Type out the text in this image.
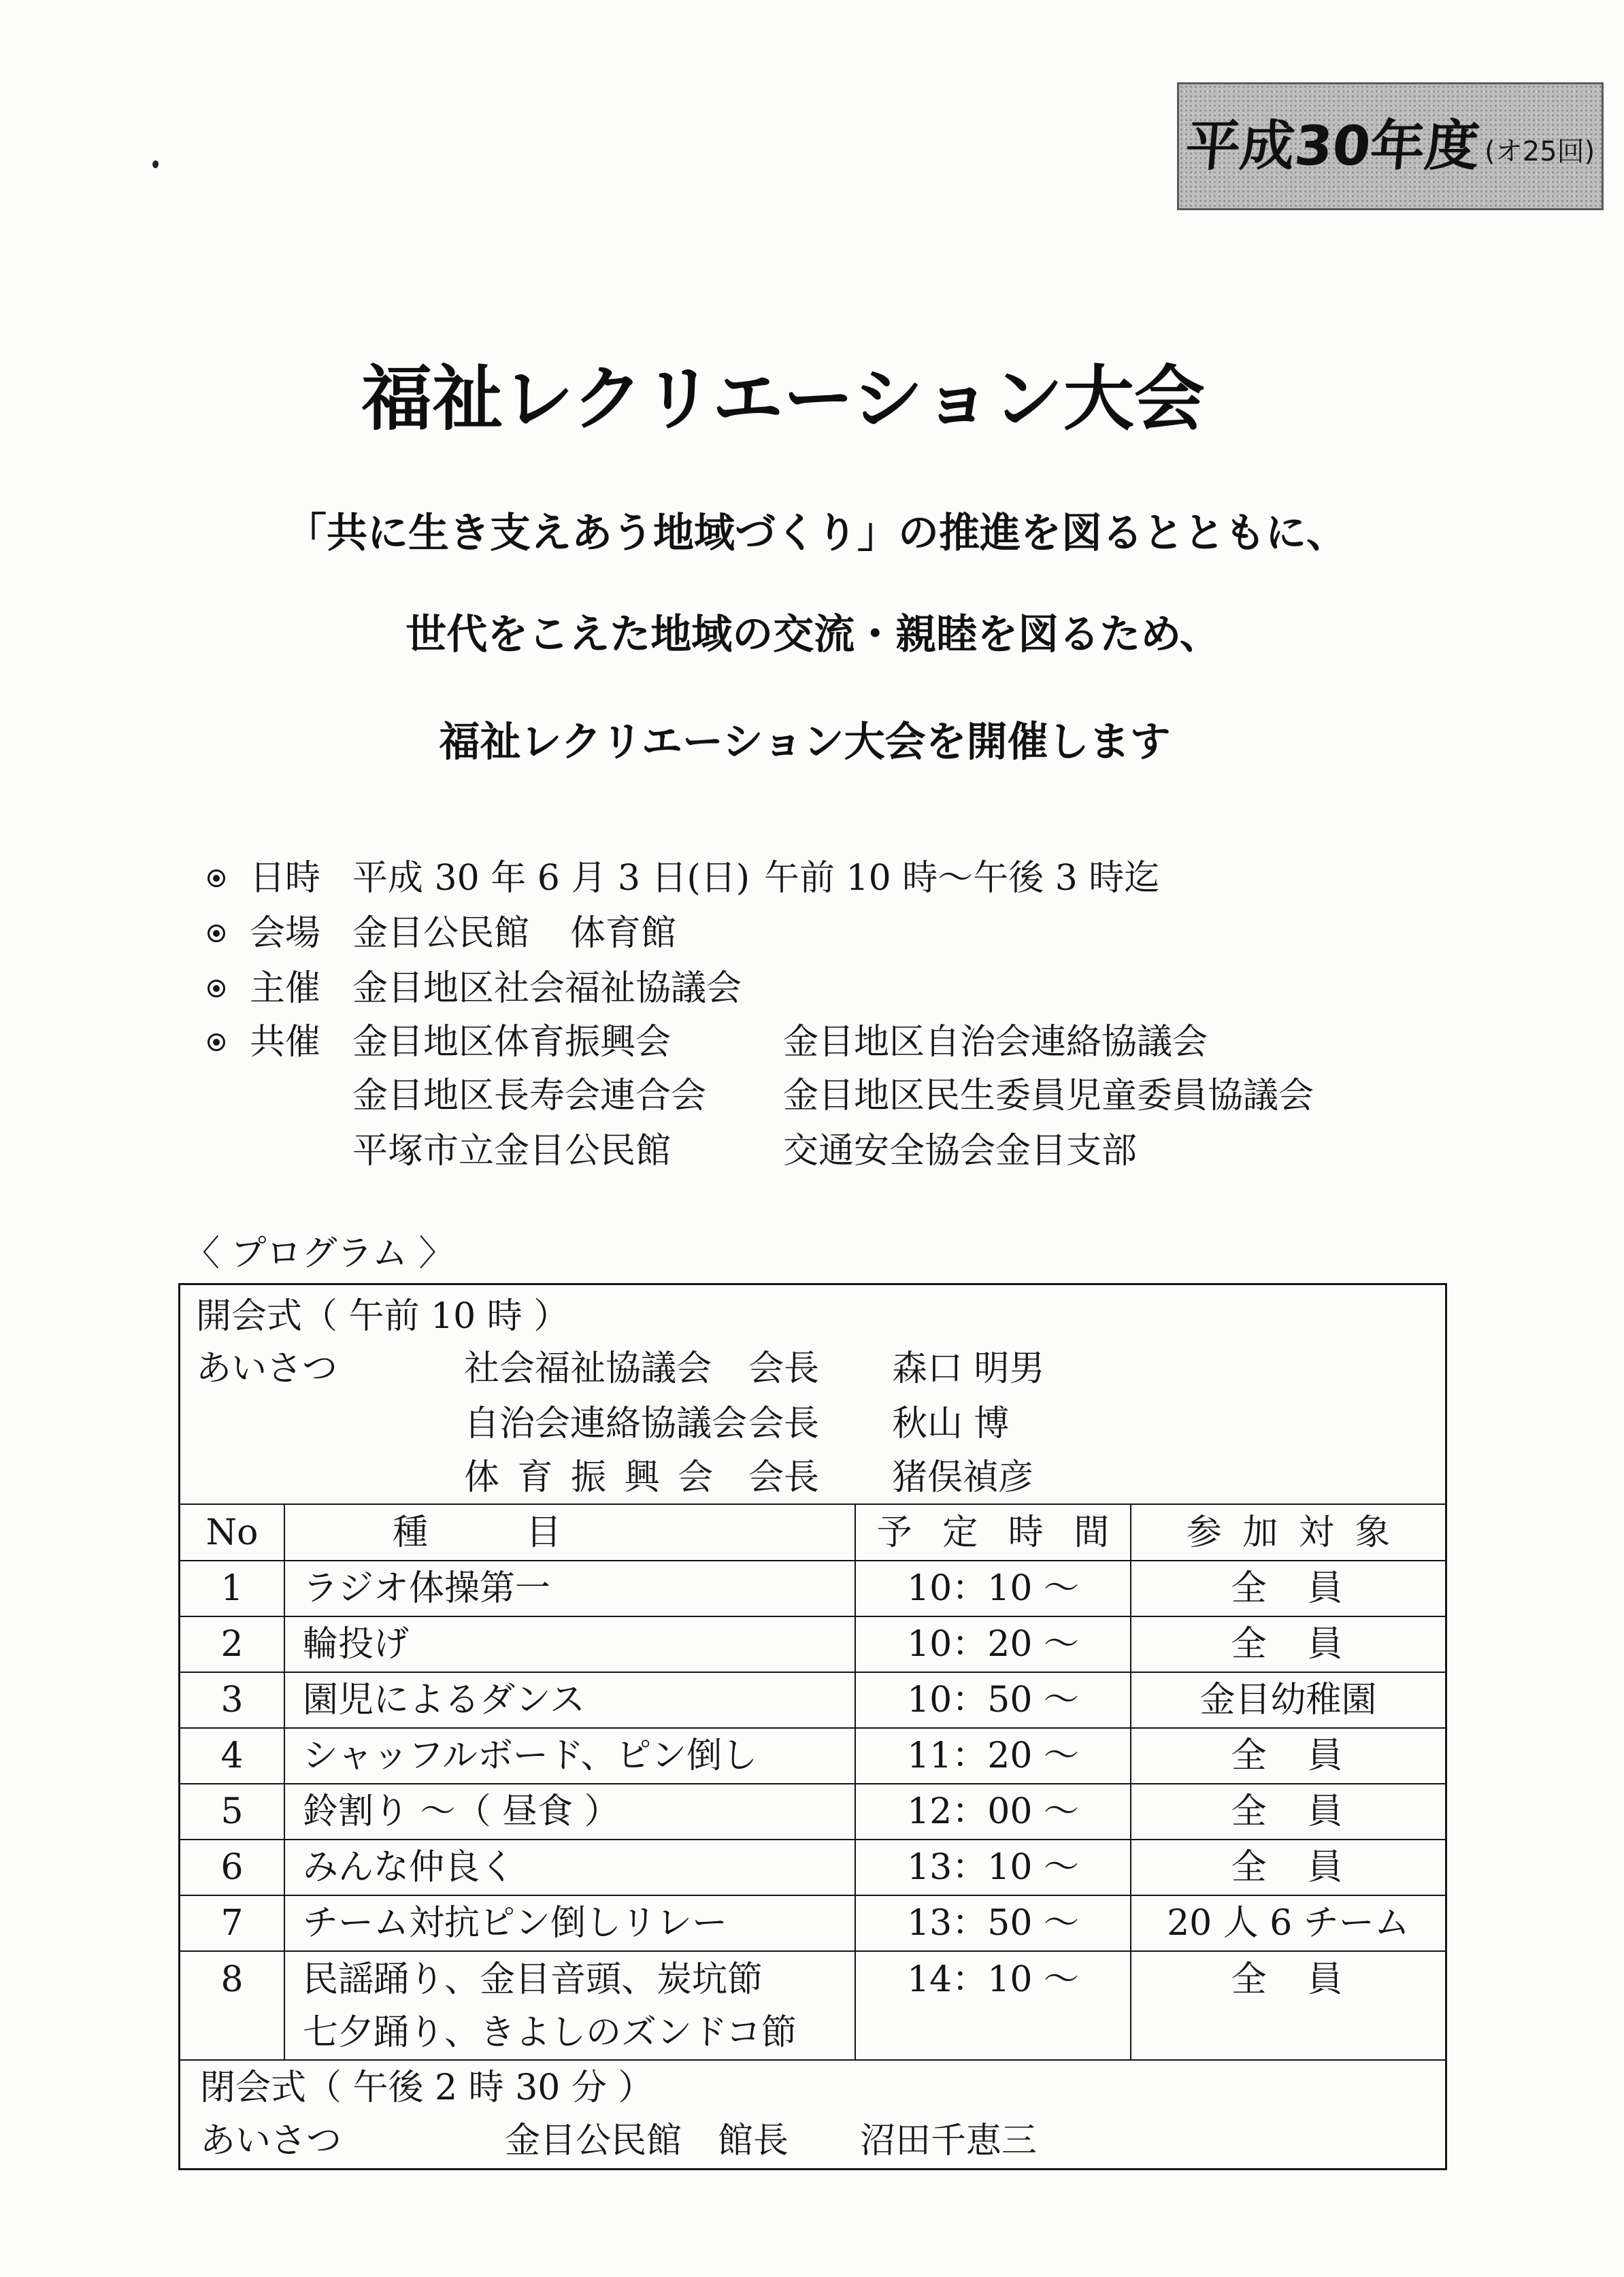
平成30年度 (オ25回)
福祉レクリエーション大会
「共に生き支えあう地域づくり」の推進を図るとともに、
世代をこえた地域の交流・親睦を図るため、
福祉レクリエーション大会を開催します
日時 平成 30 年 6 月 3 日(日) 午前 10 時～午後 3 時迄
会場 金目公民館	体育館
主催 金目地区社会福祉協議会
共催 金目地区体育振興会	金目地区自治会連絡協議会
金目地区長寿会連合会	金目地区民生委員児童委員協議会
平塚市立金目公民館	交通安全協会金目支部
〈 プログラム 〉
開会式（ 午前 10 時 ）
あいさつ	社会福祉協議会	会長	森口 明男
自治会連絡協議会 会長	秋山 博
体 育 振 興 会 会長	猪俣禎彦
No	種　目	予 定 時 間	参 加 対 象
1	ラジオ体操第一	10：10 ～	全　員
2	輪投げ	10：20 ～	全　員
3	園児によるダンス	10：50 ～	金目幼稚園
4	シャッフルボード、ピン倒し	11：20 ～	全　員
5	鈴割り ～（ 昼食 ）	12：00 ～	全　員
6	みんな仲良く	13：10 ～	全　員
7	チーム対抗ピン倒しリレー	13：50 ～	20 人 6 チーム
8	民謡踊り、金目音頭、炭坑節
七夕踊り、きよしのズンドコ節	14：10 ～	全　員
閉会式（ 午後 2 時 30 分 ）
あいさつ	金目公民館	館長	沼田千恵三
